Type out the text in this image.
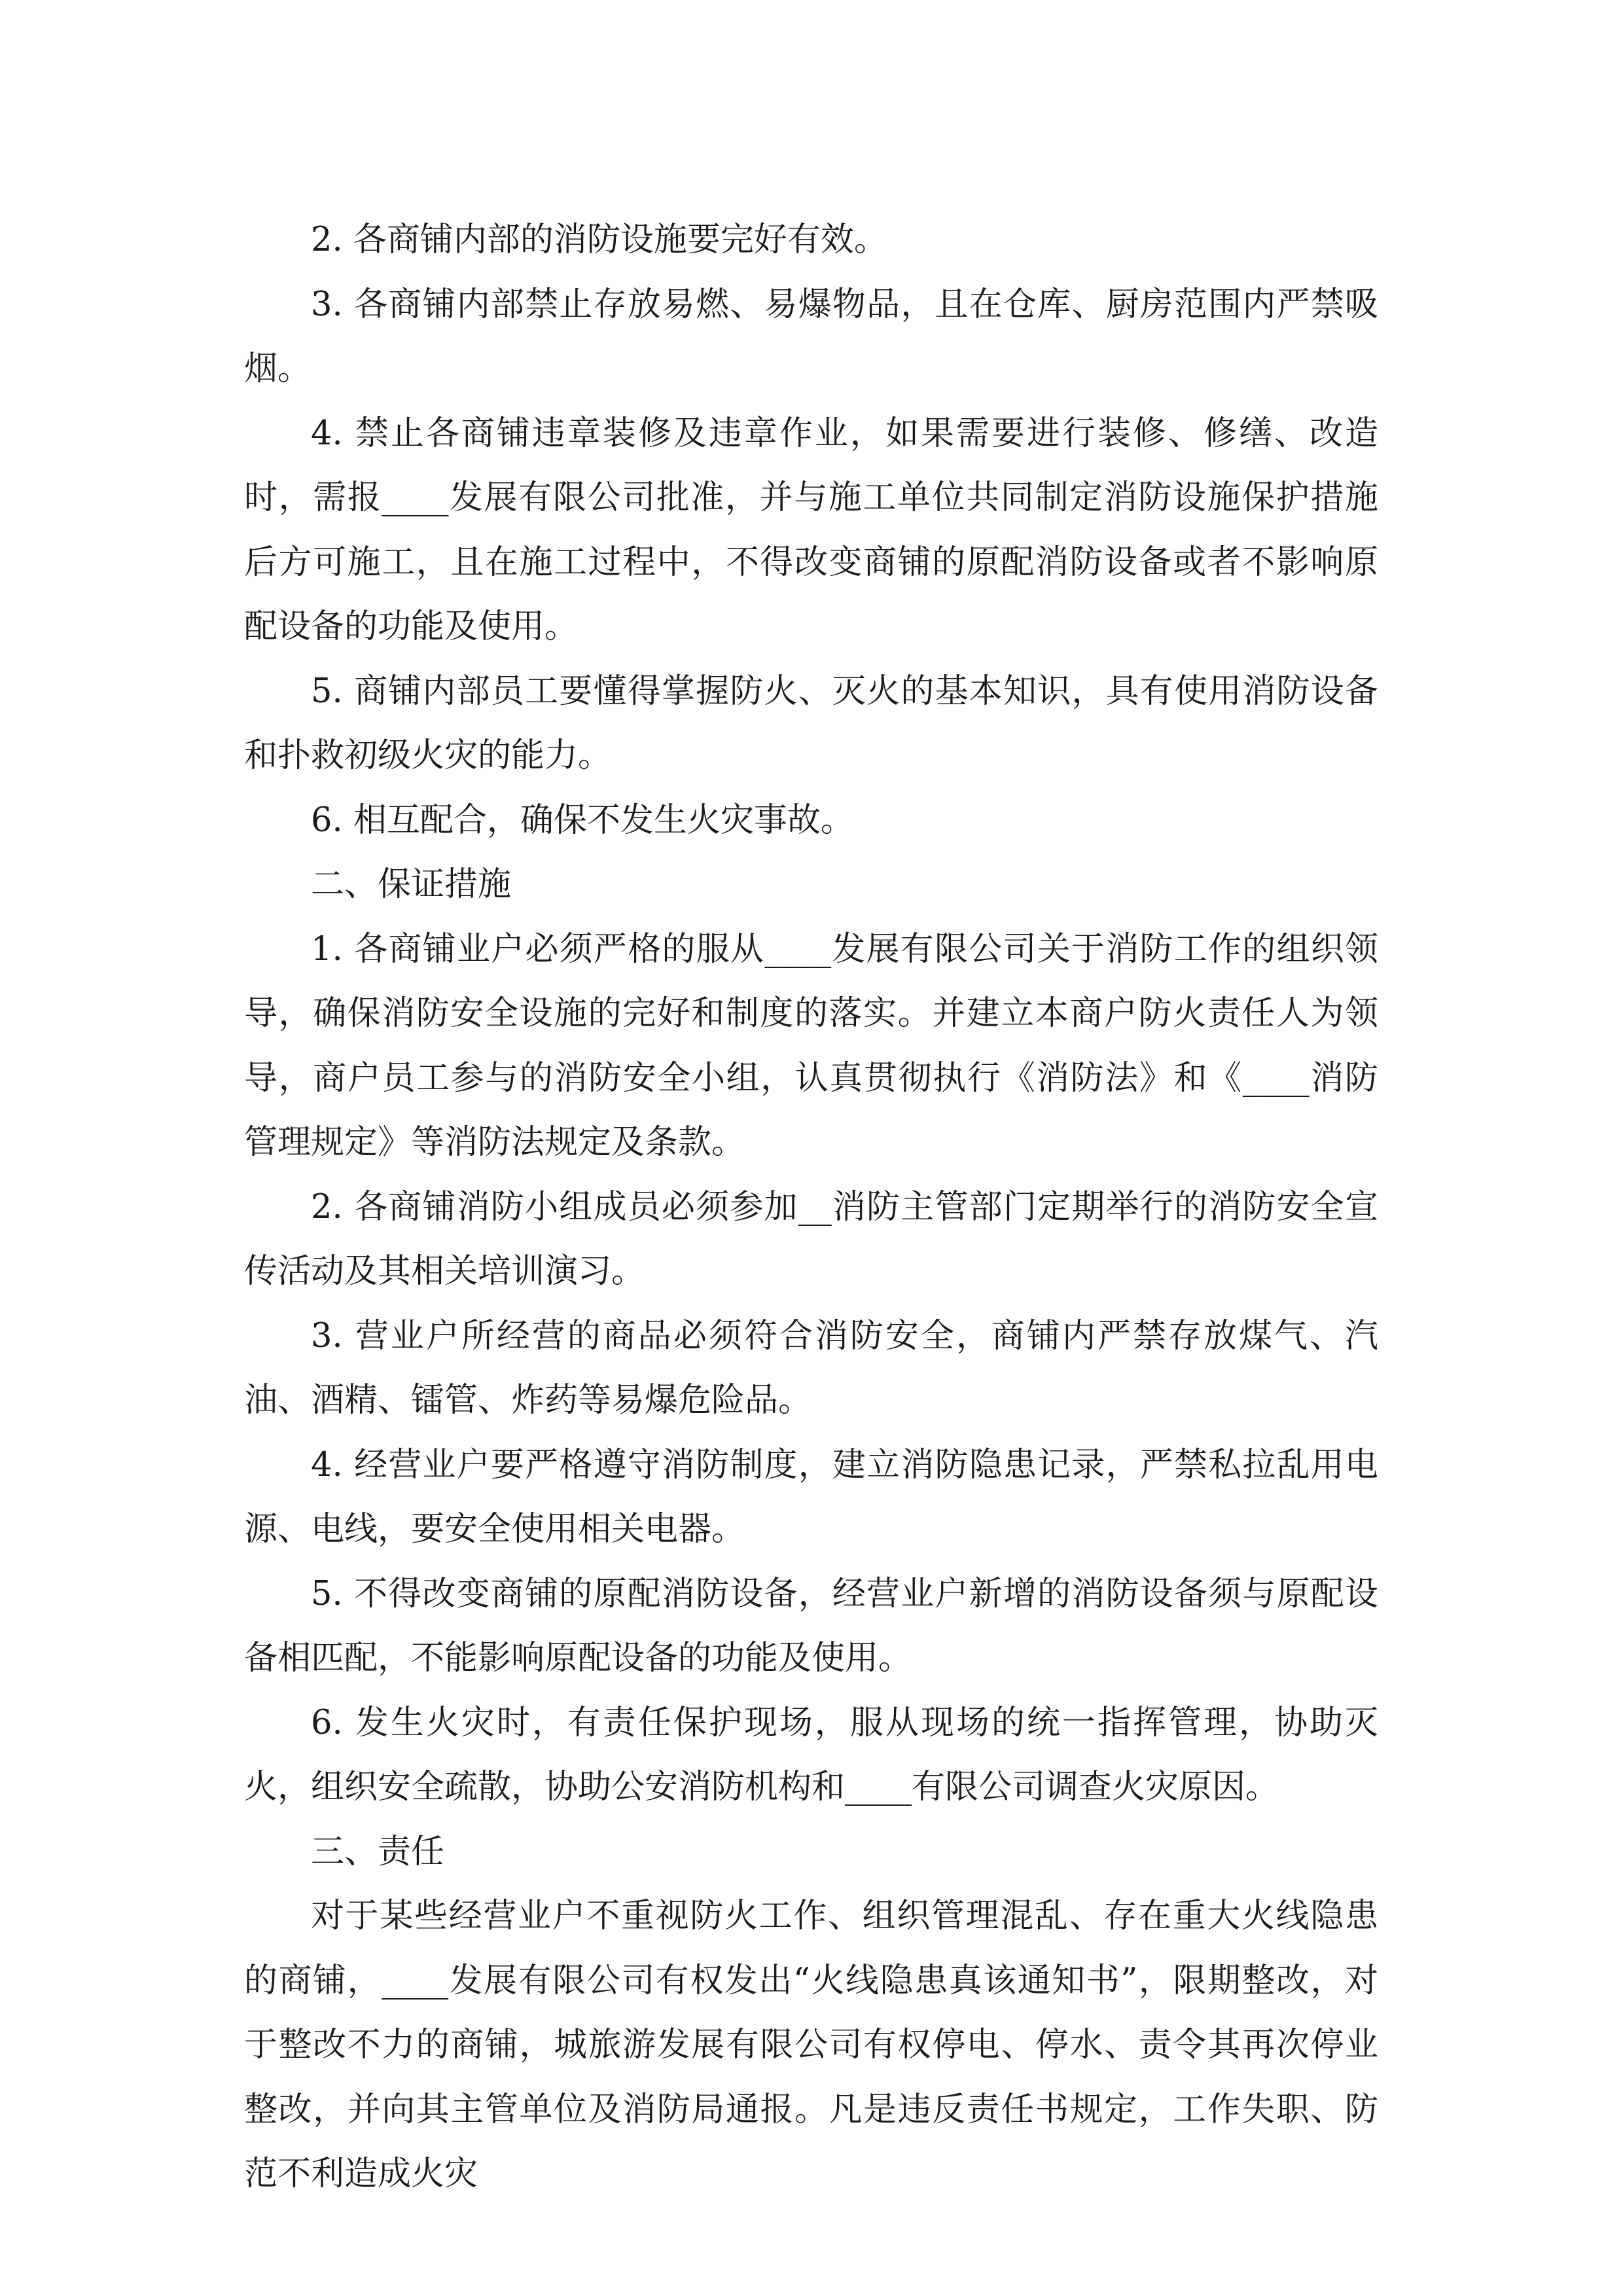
2. 各商铺内部的消防设施要完好有效。

3. 各商铺内部禁止存放易燃、易爆物品，且在仓库、厨房范围内严禁吸烟。

4. 禁止各商铺违章装修及违章作业，如果需要进行装修、修缮、改造时，需报____发展有限公司批准，并与施工单位共同制定消防设施保护措施后方可施工，且在施工过程中，不得改变商铺的原配消防设备或者不影响原配设备的功能及使用。

5. 商铺内部员工要懂得掌握防火、灭火的基本知识，具有使用消防设备和扑救初级火灾的能力。

6. 相互配合，确保不发生火灾事故。

二、保证措施

1. 各商铺业户必须严格的服从____发展有限公司关于消防工作的组织领导，确保消防安全设施的完好和制度的落实。并建立本商户防火责任人为领导，商户员工参与的消防安全小组，认真贯彻执行《消防法》和《____消防管理规定》等消防法规定及条款。

2. 各商铺消防小组成员必须参加__消防主管部门定期举行的消防安全宣传活动及其相关培训演习。

3. 营业户所经营的商品必须符合消防安全，商铺内严禁存放煤气、汽油、酒精、镭管、炸药等易爆危险品。

4. 经营业户要严格遵守消防制度，建立消防隐患记录，严禁私拉乱用电源、电线，要安全使用相关电器。

5. 不得改变商铺的原配消防设备，经营业户新增的消防设备须与原配设备相匹配，不能影响原配设备的功能及使用。

6. 发生火灾时，有责任保护现场，服从现场的统一指挥管理，协助灭火，组织安全疏散，协助公安消防机构和____有限公司调查火灾原因。

三、责任

对于某些经营业户不重视防火工作、组织管理混乱、存在重大火线隐患的商铺，____发展有限公司有权发出“火线隐患真该通知书”，限期整改，对于整改不力的商铺，城旅游发展有限公司有权停电、停水、责令其再次停业整改，并向其主管单位及消防局通报。凡是违反责任书规定，工作失职、防范不利造成火灾
